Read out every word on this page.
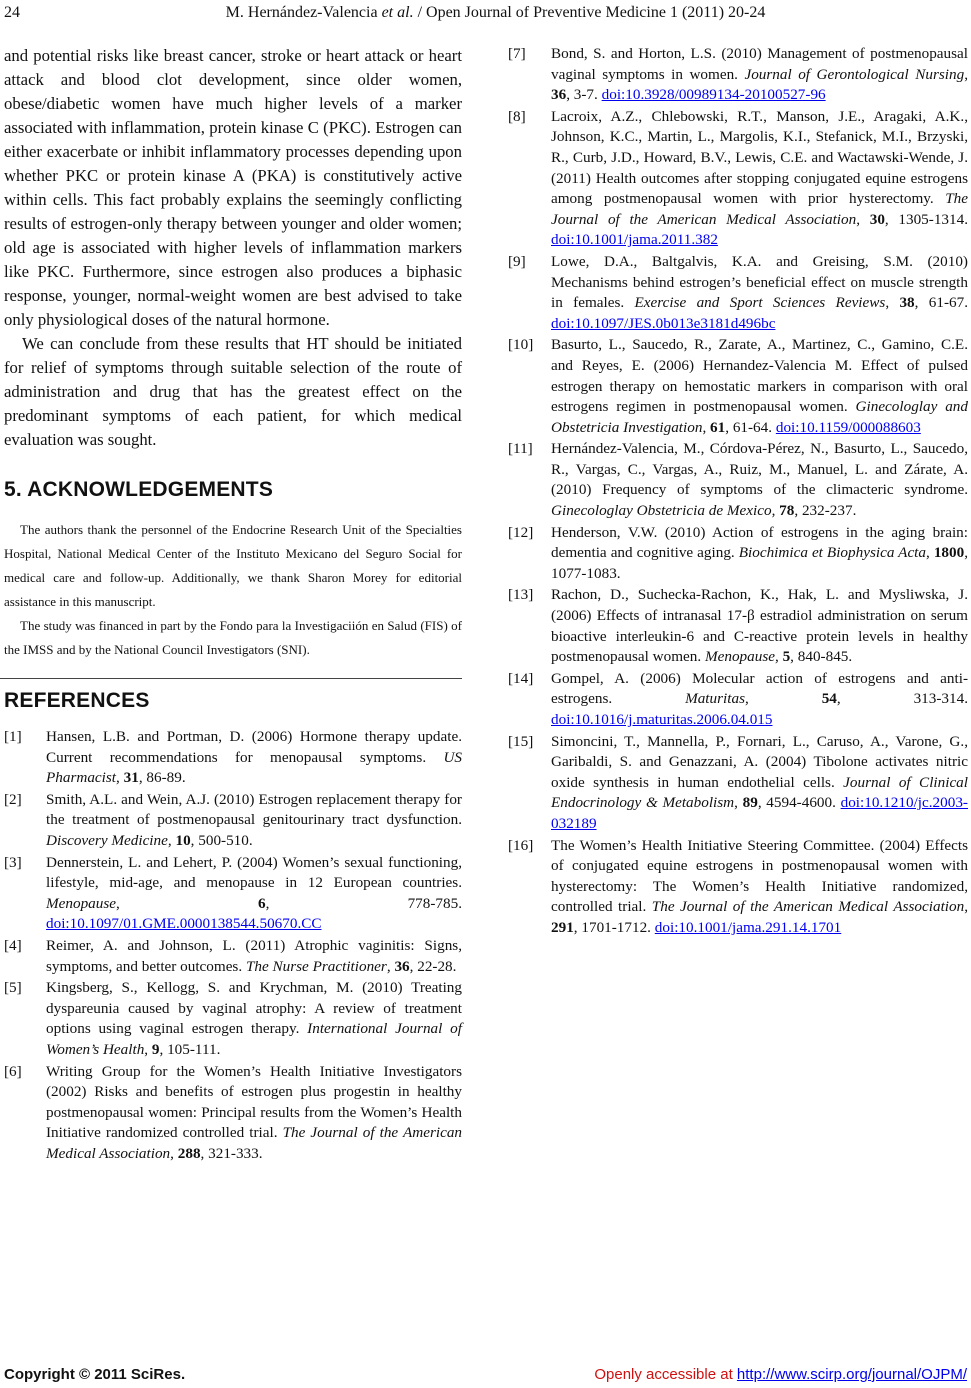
24	M. Hernández-Valencia et al. / Open Journal of Preventive Medicine 1 (2011) 20-24

and potential risks like breast cancer, stroke or heart attack or heart attack and blood clot development, since older women, obese/diabetic women have much higher levels of a marker associated with inflammation, protein kinase C (PKC). Estrogen can either exacerbate or inhibit inflammatory processes depending upon whether PKC or protein kinase A (PKA) is constitutively active within cells. This fact probably explains the seemingly conflicting results of estrogen-only therapy between younger and older women; old age is associated with higher levels of inflammation markers like PKC. Furthermore, since estrogen also produces a biphasic response, younger, normal-weight women are best advised to take only physiological doses of the natural hormone.

We can conclude from these results that HT should be initiated for relief of symptoms through suitable selection of the route of administration and drug that has the greatest effect on the predominant symptoms of each patient, for which medical evaluation was sought.

5. ACKNOWLEDGEMENTS

The authors thank the personnel of the Endocrine Research Unit of the Specialties Hospital, National Medical Center of the Instituto Mexicano del Seguro Social for medical care and follow-up. Additionally, we thank Sharon Morey for editorial assistance in this manuscript.

The study was financed in part by the Fondo para la Investigaciión en Salud (FIS) of the IMSS and by the National Council Investigators (SNI).

REFERENCES
[1] Hansen, L.B. and Portman, D. (2006) Hormone therapy update. Current recommendations for menopausal symptoms. US Pharmacist, 31, 86-89.
[2] Smith, A.L. and Wein, A.J. (2010) Estrogen replacement therapy for the treatment of postmenopausal genitourinary tract dysfunction. Discovery Medicine, 10, 500-510.
[3] Dennerstein, L. and Lehert, P. (2004) Women’s sexual functioning, lifestyle, mid-age, and menopause in 12 European countries. Menopause, 6, 778-785. doi:10.1097/01.GME.0000138544.50670.CC
[4] Reimer, A. and Johnson, L. (2011) Atrophic vaginitis: Signs, symptoms, and better outcomes. The Nurse Practitioner, 36, 22-28.
[5] Kingsberg, S., Kellogg, S. and Krychman, M. (2010) Treating dyspareunia caused by vaginal atrophy: A review of treatment options using vaginal estrogen therapy. International Journal of Women’s Health, 9, 105-111.
[6] Writing Group for the Women’s Health Initiative Investigators (2002) Risks and benefits of estrogen plus progestin in healthy postmenopausal women: Principal results from the Women’s Health Initiative randomized controlled trial. The Journal of the American Medical Association, 288, 321-333.
[7] Bond, S. and Horton, L.S. (2010) Management of postmenopausal vaginal symptoms in women. Journal of Gerontological Nursing, 36, 3-7. doi:10.3928/00989134-20100527-96
[8] Lacroix, A.Z., Chlebowski, R.T., Manson, J.E., Aragaki, A.K., Johnson, K.C., Martin, L., Margolis, K.I., Stefanick, M.I., Brzyski, R., Curb, J.D., Howard, B.V., Lewis, C.E. and Wactawski-Wende, J. (2011) Health outcomes after stopping conjugated equine estrogens among postmenopausal women with prior hysterectomy. The Journal of the American Medical Association, 30, 1305-1314. doi:10.1001/jama.2011.382
[9] Lowe, D.A., Baltgalvis, K.A. and Greising, S.M. (2010) Mechanisms behind estrogen’s beneficial effect on muscle strength in females. Exercise and Sport Sciences Reviews, 38, 61-67. doi:10.1097/JES.0b013e3181d496bc
[10] Basurto, L., Saucedo, R., Zarate, A., Martinez, C., Gamino, C.E. and Reyes, E. (2006) Hernandez-Valencia M. Effect of pulsed estrogen therapy on hemostatic markers in comparison with oral estrogens regimen in postmenopausal women. Ginecologlay and Obstetricia Investigation, 61, 61-64. doi:10.1159/000088603
[11] Hernández-Valencia, M., Córdova-Pérez, N., Basurto, L., Saucedo, R., Vargas, C., Vargas, A., Ruiz, M., Manuel, L. and Zárate, A. (2010) Frequency of symptoms of the climacteric syndrome. Ginecologlay Obstetricia de Mexico, 78, 232-237.
[12] Henderson, V.W. (2010) Action of estrogens in the aging brain: dementia and cognitive aging. Biochimica et Biophysica Acta, 1800, 1077-1083.
[13] Rachon, D., Suchecka-Rachon, K., Hak, L. and Mysliwska, J. (2006) Effects of intranasal 17-β estradiol administration on serum bioactive interleukin-6 and C-reactive protein levels in healthy postmenopausal women. Menopause, 5, 840-845.
[14] Gompel, A. (2006) Molecular action of estrogens and anti-estrogens. Maturitas, 54, 313-314. doi:10.1016/j.maturitas.2006.04.015
[15] Simoncini, T., Mannella, P., Fornari, L., Caruso, A., Varone, G., Garibaldi, S. and Genazzani, A. (2004) Tibolone activates nitric oxide synthesis in human endothelial cells. Journal of Clinical Endocrinology & Metabolism, 89, 4594-4600. doi:10.1210/jc.2003-032189
[16] The Women’s Health Initiative Steering Committee. (2004) Effects of conjugated equine estrogens in postmenopausal women with hysterectomy: The Women’s Health Initiative randomized, controlled trial. The Journal of the American Medical Association, 291, 1701-1712. doi:10.1001/jama.291.14.1701
Copyright © 2011 SciRes.	Openly accessible at http://www.scirp.org/journal/OJPM/
